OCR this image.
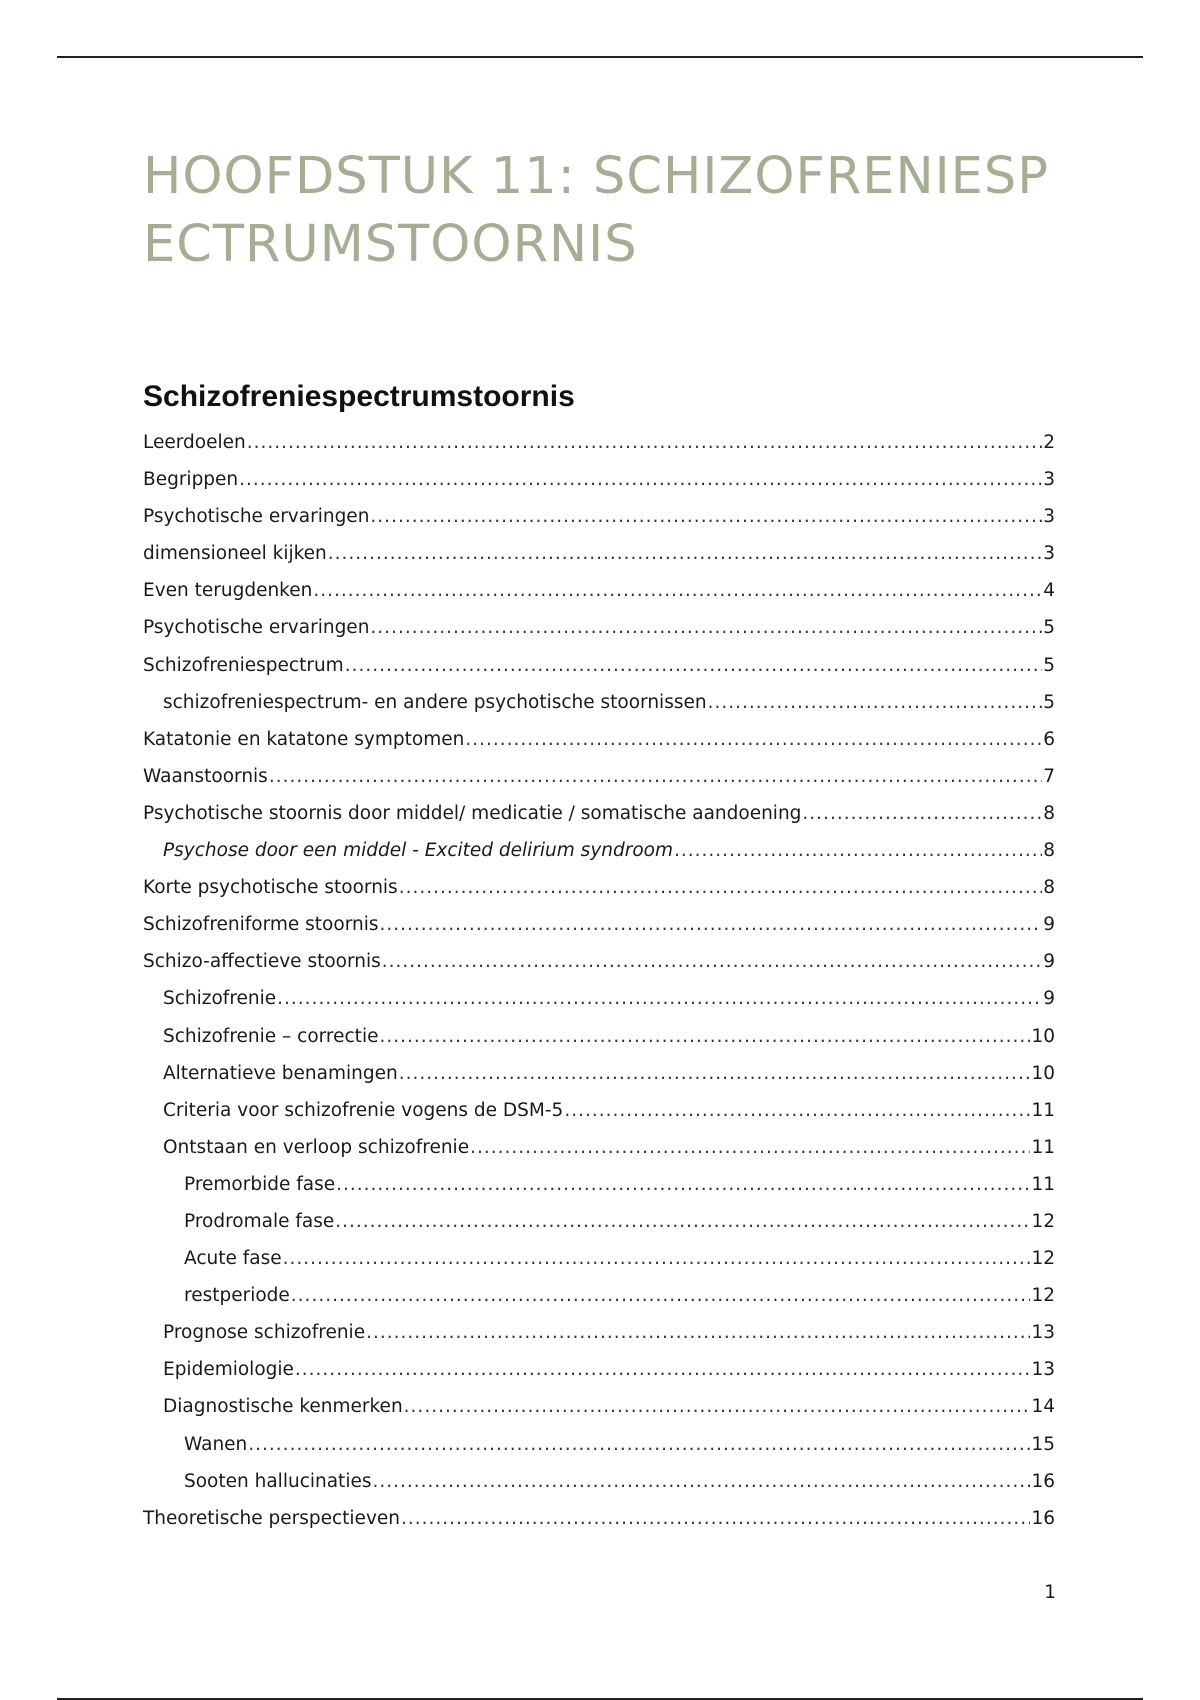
HOOFDSTUK 11: SCHIZOFRENIESPECTRUMSTOORNIS
Schizofreniespectrumstoornis
Leerdoelen .....	2
Begrippen .....	3
Psychotische ervaringen .....	3
dimensioneel kijken .....	3
Even terugdenken .....	4
Psychotische ervaringen .....	5
Schizofreniespectrum .....	5
schizofreniespectrum- en andere psychotische stoornissen .....	5
Katatonie en katatone symptomen .....	6
Waanstoornis .....	7
Psychotische stoornis door middel/ medicatie / somatische aandoening .....	8
Psychose door een middel - Excited delirium syndroom .....	8
Korte psychotische stoornis .....	8
Schizofreniforme stoornis .....	9
Schizo-affectieve stoornis .....	9
Schizofrenie .....	9
Schizofrenie – correctie .....	10
Alternatieve benamingen .....	10
Criteria voor schizofrenie vogens de DSM-5 .....	11
Ontstaan en verloop schizofrenie .....	11
Premorbide fase .....	11
Prodromale fase .....	12
Acute fase .....	12
restperiode .....	12
Prognose schizofrenie .....	13
Epidemiologie .....	13
Diagnostische kenmerken .....	14
Wanen .....	15
Sooten hallucinaties .....	16
Theoretische perspectieven .....	16
1
